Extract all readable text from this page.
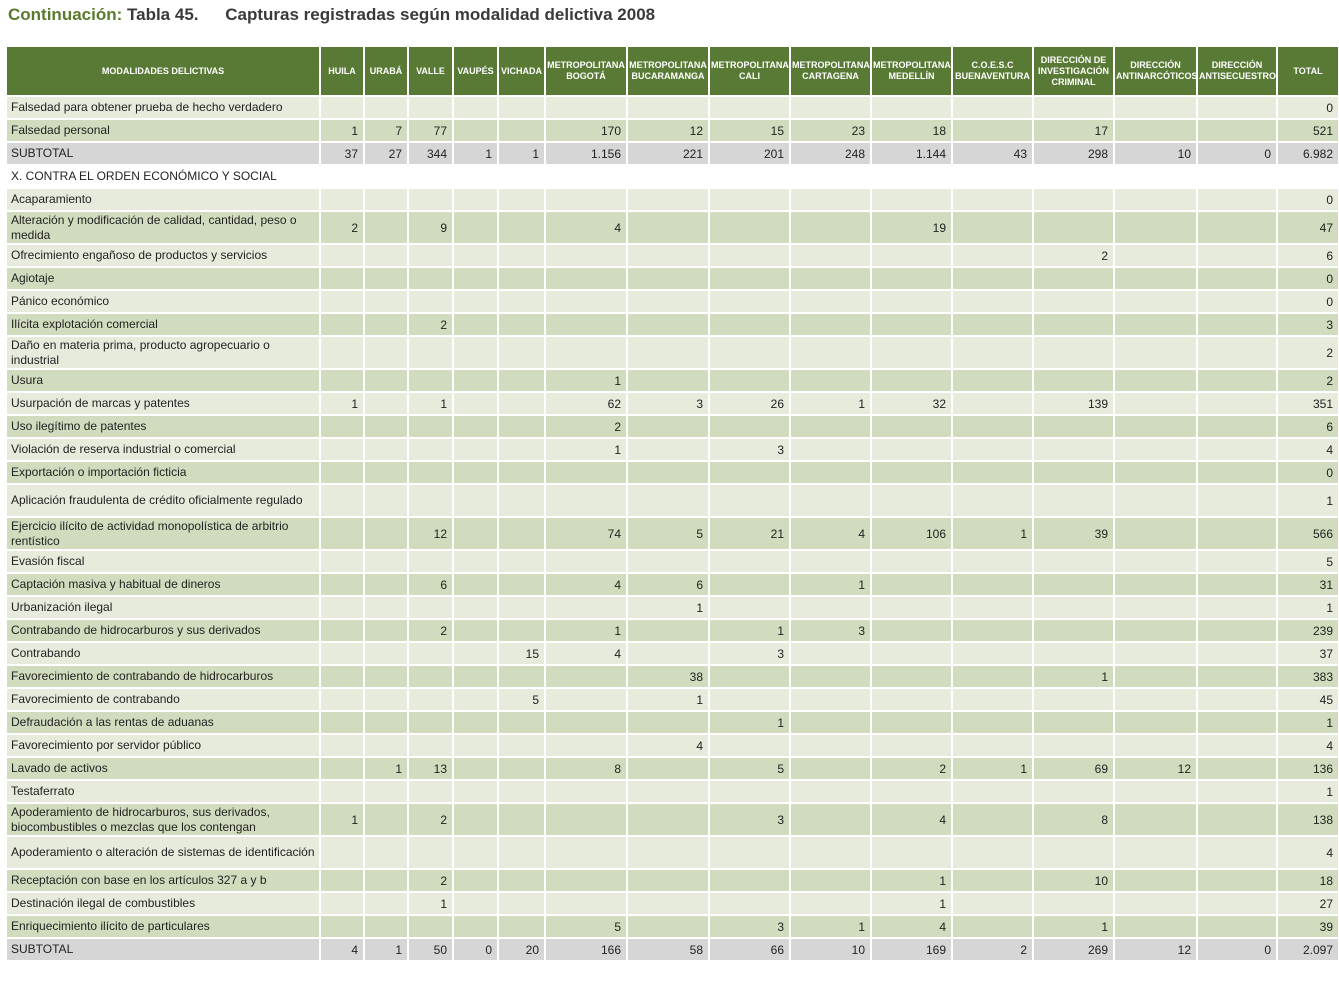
Continuación: Tabla 45. Capturas registradas según modalidad delictiva 2008
MODALIDADES DELICTIVAS	HUILA	URABÁ	VALLE	VAUPÉS	VICHADA	METROPOLITANA BOGOTÁ	METROPOLITANA BUCARAMANGA	METROPOLITANA CALI	METROPOLITANA CARTAGENA	METROPOLITANA MEDELLÍN	C.O.E.S.C BUENAVENTURA	DIRECCIÓN DE INVESTIGACIÓN CRIMINAL	DIRECCIÓN ANTINARCÓTICOS	DIRECCIÓN ANTISECUESTRO	TOTAL
Falsedad para obtener prueba de hecho verdadero															0
Falsedad personal	1	7	77			170	12	15	23	18		17			521
SUBTOTAL	37	27	344	1	1	1.156	221	201	248	1.144	43	298	10	0	6.982
X. CONTRA EL ORDEN ECONÓMICO Y SOCIAL															
Acaparamiento															0
Alteración y modificación de calidad, cantidad, peso o medida	2		9			4				19					47
Ofrecimiento engañoso de productos y servicios												2			6
Agiotaje															0
Pánico económico															0
Ilícita explotación comercial			2												3
Daño en materia prima, producto agropecuario o industrial															2
Usura						1									2
Usurpación de marcas y patentes	1		1			62	3	26	1	32		139			351
Uso ilegítimo de patentes						2									6
Violación de reserva industrial o comercial						1		3							4
Exportación o importación ficticia															0
Aplicación fraudulenta de crédito oficialmente regulado															1
Ejercicio ilícito de actividad monopolística de arbitrio rentístico			12			74	5	21	4	106	1	39			566
Evasión fiscal															5
Captación masiva y habitual de dineros			6			4	6		1						31
Urbanización ilegal							1								1
Contrabando de hidrocarburos y sus derivados			2			1		1	3						239
Contrabando					15	4		3							37
Favorecimiento de contrabando de hidrocarburos							38					1			383
Favorecimiento de contrabando					5		1								45
Defraudación a las rentas de aduanas								1							1
Favorecimiento por servidor público							4								4
Lavado de activos		1	13			8		5		2	1	69	12		136
Testaferrato															1
Apoderamiento de hidrocarburos, sus derivados, biocombustibles o mezclas que los contengan	1		2					3		4		8			138
Apoderamiento o alteración de sistemas de identificación															4
Receptación con base en los artículos 327 a y b			2							1		10			18
Destinación ilegal de combustibles			1							1					27
Enriquecimiento ilícito de particulares						5		3	1	4		1			39
SUBTOTAL	4	1	50	0	20	166	58	66	10	169	2	269	12	0	2.097
